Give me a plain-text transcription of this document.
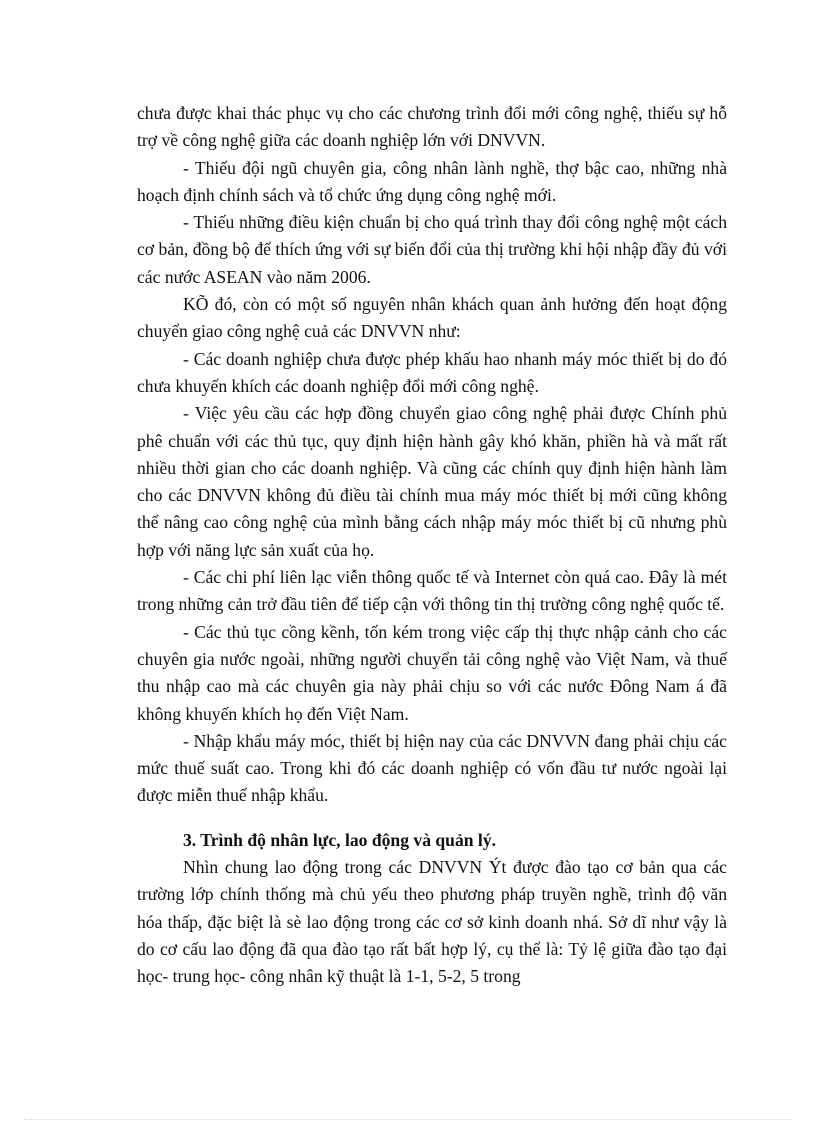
chưa được khai thác phục vụ cho các chương trình đổi mới công nghệ, thiếu sự hỗ trợ về công nghệ giữa các doanh nghiệp lớn với DNVVN.

- Thiếu đội ngũ chuyên gia, công nhân lành nghề, thợ bậc cao, những nhà hoạch định chính sách và tổ chức ứng dụng công nghệ mới.

- Thiếu những điều kiện chuẩn bị cho quá trình thay đổi công nghệ một cách cơ bản, đồng bộ để thích ứng với sự biến đổi của thị trường khi hội nhập đầy đủ với các nước ASEAN vào năm 2006.

KÕ đó, còn có một số nguyên nhân khách quan ảnh hưởng đến hoạt động chuyển giao công nghệ cuả các DNVVN như:

- Các doanh nghiệp chưa được phép khấu hao nhanh máy móc thiết bị do đó chưa khuyến khích các doanh nghiệp đổi mới công nghệ.

- Việc yêu cầu các hợp đồng chuyển giao công nghệ phải được Chính phủ phê chuẩn với các thủ tục, quy định hiện hành gây khó khăn, phiền hà và mất rất nhiều thời gian cho các doanh nghiệp. Và cũng các chính quy định hiện hành làm cho các DNVVN không đủ điều tài chính mua máy móc thiết bị mới cũng không thể nâng cao công nghệ của mình bằng cách nhập máy móc thiết bị cũ nhưng phù hợp với năng lực sản xuất của họ.

- Các chi phí liên lạc viễn thông quốc tế và Internet còn quá cao. Đây là mét trong những cản trở đầu tiên để tiếp cận với thông tin thị trường công nghệ quốc tế.

- Các thủ tục cồng kềnh, tốn kém trong việc cấp thị thực nhập cảnh cho các chuyên gia nước ngoài, những người chuyển tải công nghệ vào Việt Nam, và thuế thu nhập cao mà các chuyên gia này phải chịu so với các nước Đông Nam á đã không khuyến khích họ đến Việt Nam.

- Nhập khẩu máy móc, thiết bị hiện nay của các DNVVN đang phải chịu các mức thuế suất cao. Trong khi đó các doanh nghiệp có vốn đầu tư nước ngoài lại được miễn thuế nhập khẩu.

3. Trình độ nhân lực, lao động và quản lý.

Nhìn chung lao động trong các DNVVN Ýt được đào tạo cơ bản qua các trường lớp chính thống mà chủ yếu theo phương pháp truyền nghề, trình độ văn hóa thấp, đặc biệt là sè lao động trong các cơ sở kinh doanh nhá. Sở dĩ như vậy là do cơ cấu lao động đã qua đào tạo rất bất hợp lý, cụ thể là: Tỷ lệ giữa đào tạo đại học- trung học- công nhân kỹ thuật là 1-1, 5-2, 5 trong
